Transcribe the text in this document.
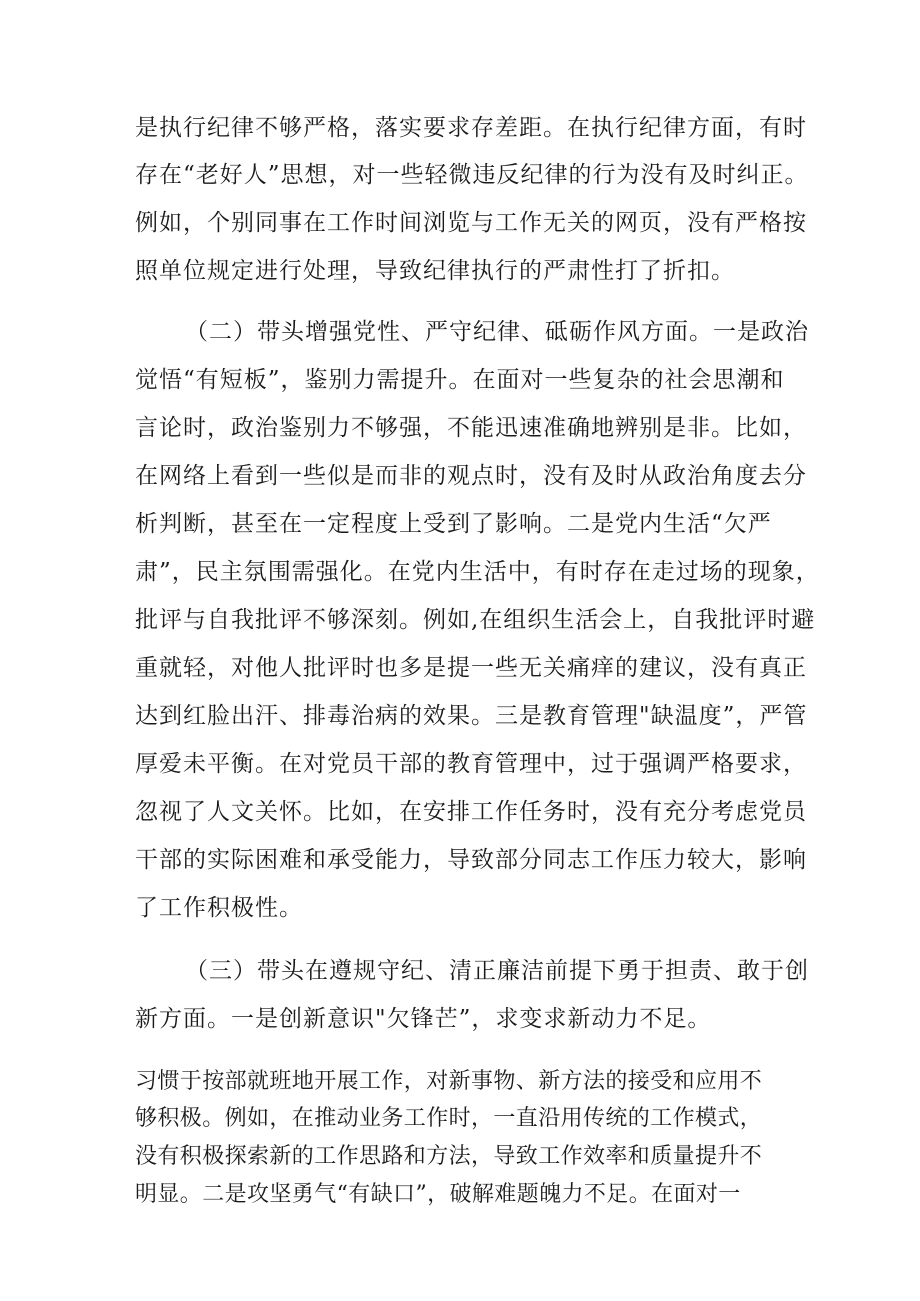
是执行纪律不够严格，落实要求存差距。在执行纪律方面，有时
存在“老好人”思想，对一些轻微违反纪律的行为没有及时纠正。
例如，个别同事在工作时间浏览与工作无关的网页，没有严格按
照单位规定进行处理，导致纪律执行的严肃性打了折扣。
（二）带头增强党性、严守纪律、砥砺作风方面。一是政治
觉悟“有短板”，鉴别力需提升。在面对一些复杂的社会思潮和
言论时，政治鉴别力不够强，不能迅速准确地辨别是非。比如，
在网络上看到一些似是而非的观点时，没有及时从政治角度去分
析判断，甚至在一定程度上受到了影响。二是党内生活“欠严
肃”，民主氛围需强化。在党内生活中，有时存在走过场的现象，
批评与自我批评不够深刻。例如,在组织生活会上，自我批评时避
重就轻，对他人批评时也多是提一些无关痛痒的建议，没有真正
达到红脸出汗、排毒治病的效果。三是教育管理"缺温度”，严管
厚爱未平衡。在对党员干部的教育管理中，过于强调严格要求，
忽视了人文关怀。比如，在安排工作任务时，没有充分考虑党员
干部的实际困难和承受能力，导致部分同志工作压力较大，影响
了工作积极性。
（三）带头在遵规守纪、清正廉洁前提下勇于担责、敢于创
新方面。一是创新意识"欠锋芒”，求变求新动力不足。
习惯于按部就班地开展工作，对新事物、新方法的接受和应用不
够积极。例如，在推动业务工作时，一直沿用传统的工作模式，
没有积极探索新的工作思路和方法，导致工作效率和质量提升不
明显。二是攻坚勇气“有缺口”，破解难题魄力不足。在面对一
